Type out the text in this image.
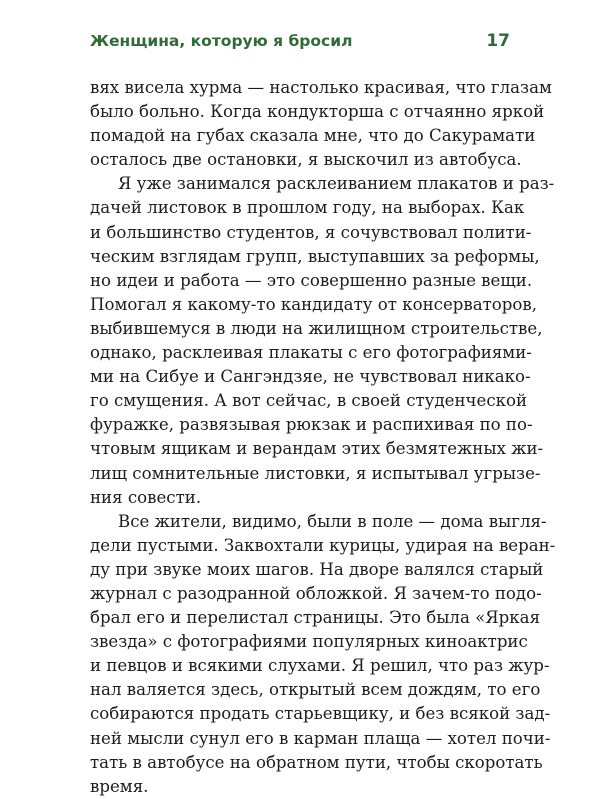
Женщина, которую я бросил	17
вях висела хурма — настолько красивая, что глазам
было больно. Когда кондукторша с отчаянно яркой
помадой на губах сказала мне, что до Сакурамати
осталось две остановки, я выскочил из автобуса.
Я уже занимался расклеиванием плакатов и раз-
дачей листовок в прошлом году, на выборах. Как
и большинство студентов, я сочувствовал полити-
ческим взглядам групп, выступавших за реформы,
но идеи и работа — это совершенно разные вещи.
Помогал я какому-то кандидату от консерваторов,
выбившемуся в люди на жилищном строительстве,
однако, расклеивая плакаты с его фотографиями-
ми на Сибуе и Сангэндзяе, не чувствовал никако-
го смущения. А вот сейчас, в своей студенческой
фуражке, развязывая рюкзак и распихивая по по-
чтовым ящикам и верандам этих безмятежных жи-
лищ сомнительные листовки, я испытывал угрызе-
ния совести.
Все жители, видимо, были в поле — дома выгля-
дели пустыми. Заквохтали курицы, удирая на веран-
ду при звуке моих шагов. На дворе валялся старый
журнал с разодранной обложкой. Я зачем-то подо-
брал его и перелистал страницы. Это была «Яркая
звезда» с фотографиями популярных киноактрис
и певцов и всякими слухами. Я решил, что раз жур-
нал валяется здесь, открытый всем дождям, то его
собираются продать старьевщику, и без всякой зад-
ней мысли сунул его в карман плаща — хотел почи-
тать в автобусе на обратном пути, чтобы скоротать
время.
